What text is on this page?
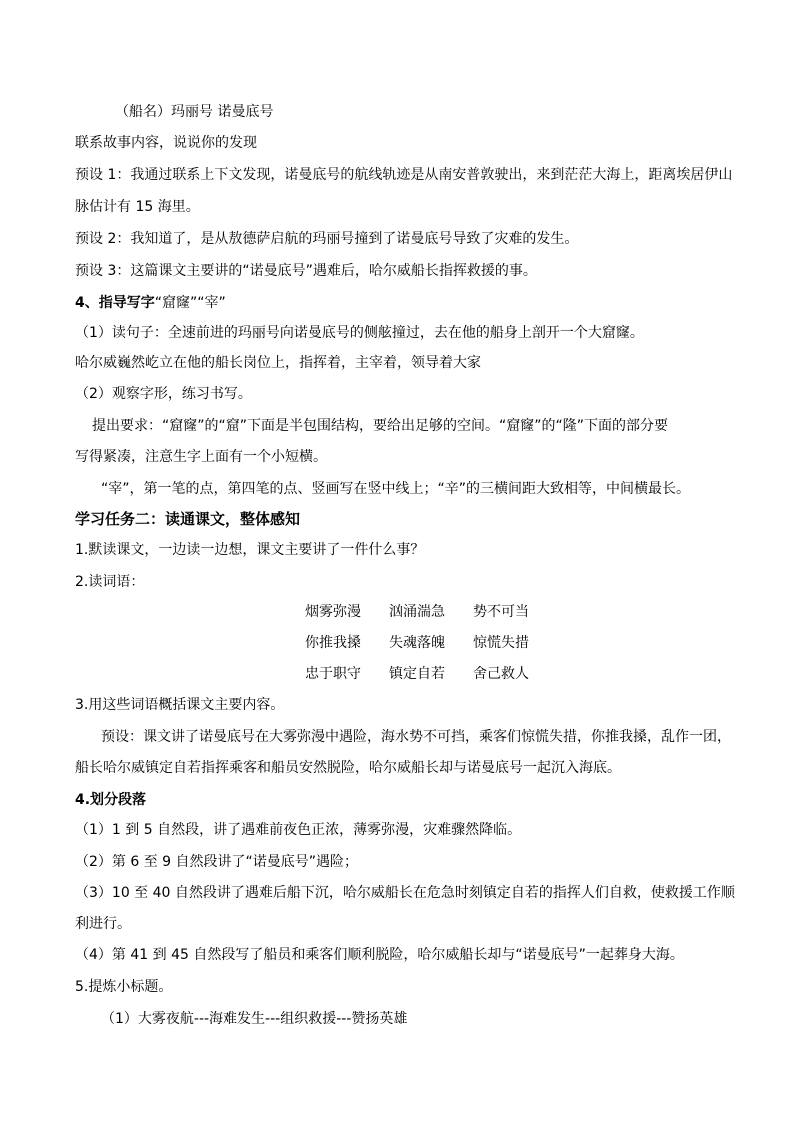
（船名）玛丽号 诺曼底号
联系故事内容，说说你的发现
预设 1：我通过联系上下文发现，诺曼底号的航线轨迹是从南安普敦驶出，来到茫茫大海上，距离埃居伊山
脉估计有 15 海里。
预设 2：我知道了，是从敖德萨启航的玛丽号撞到了诺曼底号导致了灾难的发生。
预设 3：这篇课文主要讲的“诺曼底号”遇难后，哈尔威船长指挥救援的事。
4、指导写字“窟窿”“宰”
（1）读句子：全速前进的玛丽号向诺曼底号的侧舷撞过，去在他的船身上剖开一个大窟窿。
哈尔威巍然屹立在他的船长岗位上，指挥着，主宰着，领导着大家
（2）观察字形，练习书写。
提出要求：“窟窿”的“窟”下面是半包围结构，要给出足够的空间。“窟窿”的“隆”下面的部分要
写得紧凑，注意生字上面有一个小短横。
“宰”，第一笔的点，第四笔的点、竖画写在竖中线上；“辛”的三横间距大致相等，中间横最长。
学习任务二：读通课文，整体感知
1.默读课文，一边读一边想，课文主要讲了一件什么事？
2.读词语：
烟雾弥漫	汹涌湍急	势不可当
你推我搡	失魂落魄	惊慌失措
忠于职守	镇定自若	舍己救人
3.用这些词语概括课文主要内容。
预设：课文讲了诺曼底号在大雾弥漫中遇险，海水势不可挡，乘客们惊慌失措，你推我搡，乱作一团，
船长哈尔威镇定自若指挥乘客和船员安然脱险，哈尔威船长却与诺曼底号一起沉入海底。
4.划分段落
（1）1 到 5 自然段，讲了遇难前夜色正浓，薄雾弥漫，灾难骤然降临。
（2）第 6 至 9 自然段讲了“诺曼底号”遇险；
（3）10 至 40 自然段讲了遇难后船下沉，哈尔威船长在危急时刻镇定自若的指挥人们自救，使救援工作顺
利进行。
（4）第 41 到 45 自然段写了船员和乘客们顺利脱险，哈尔威船长却与“诺曼底号”一起葬身大海。
5.提炼小标题。
（1）大雾夜航---海难发生---组织救援---赞扬英雄
